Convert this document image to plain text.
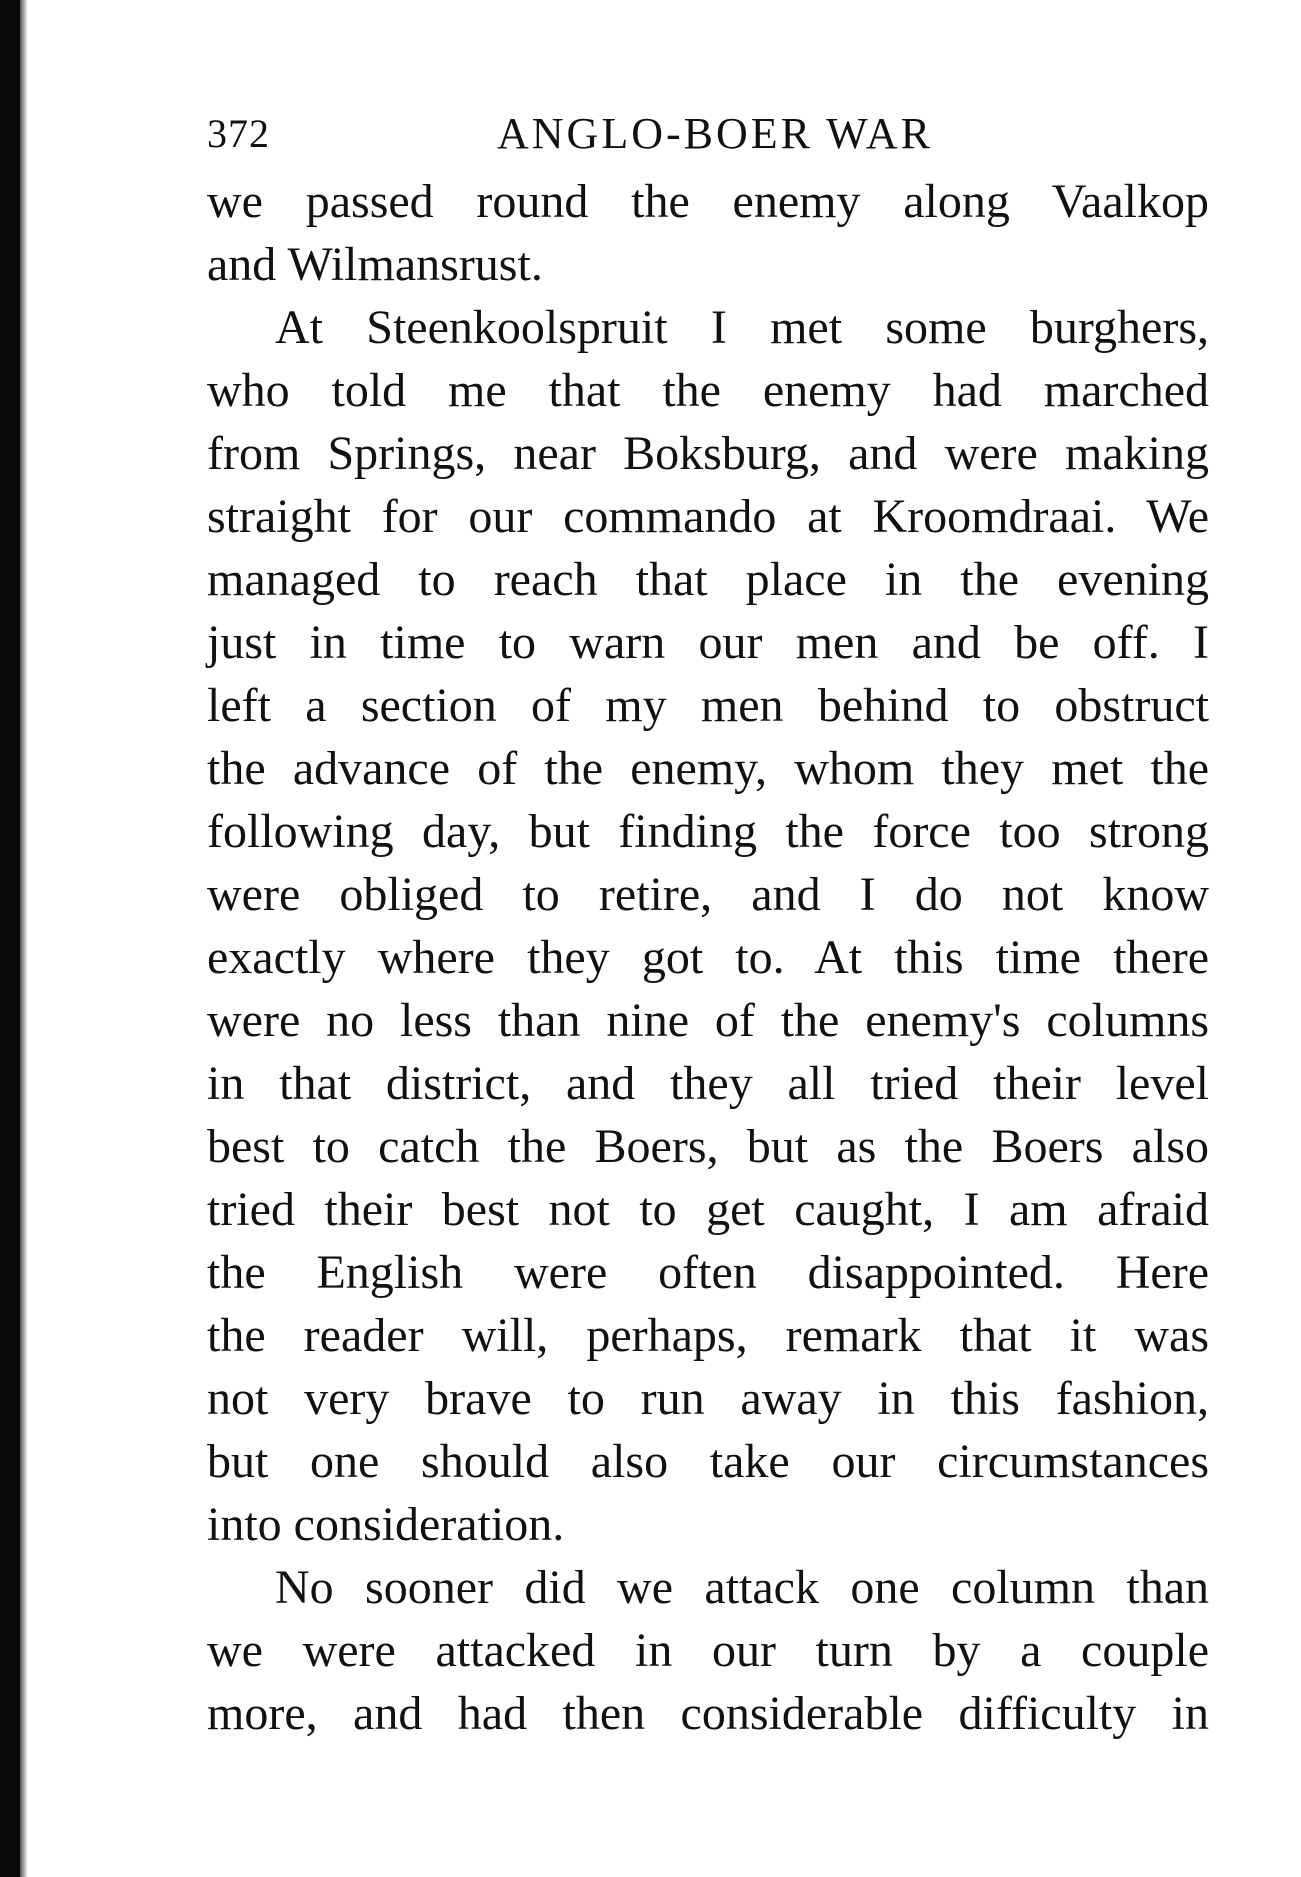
372	ANGLO-BOER WAR
we passed round the enemy along Vaalkop
and Wilmansrust.
At Steenkoolspruit I met some burghers,
who told me that the enemy had marched
from Springs, near Boksburg, and were making
straight for our commando at Kroomdraai. We
managed to reach that place in the evening
just in time to warn our men and be off. I
left a section of my men behind to obstruct
the advance of the enemy, whom they met the
following day, but finding the force too strong
were obliged to retire, and I do not know
exactly where they got to. At this time there
were no less than nine of the enemy's columns
in that district, and they all tried their level
best to catch the Boers, but as the Boers also
tried their best not to get caught, I am afraid
the English were often disappointed. Here
the reader will, perhaps, remark that it was
not very brave to run away in this fashion,
but one should also take our circumstances
into consideration.
No sooner did we attack one column than
we were attacked in our turn by a couple
more, and had then considerable difficulty in
